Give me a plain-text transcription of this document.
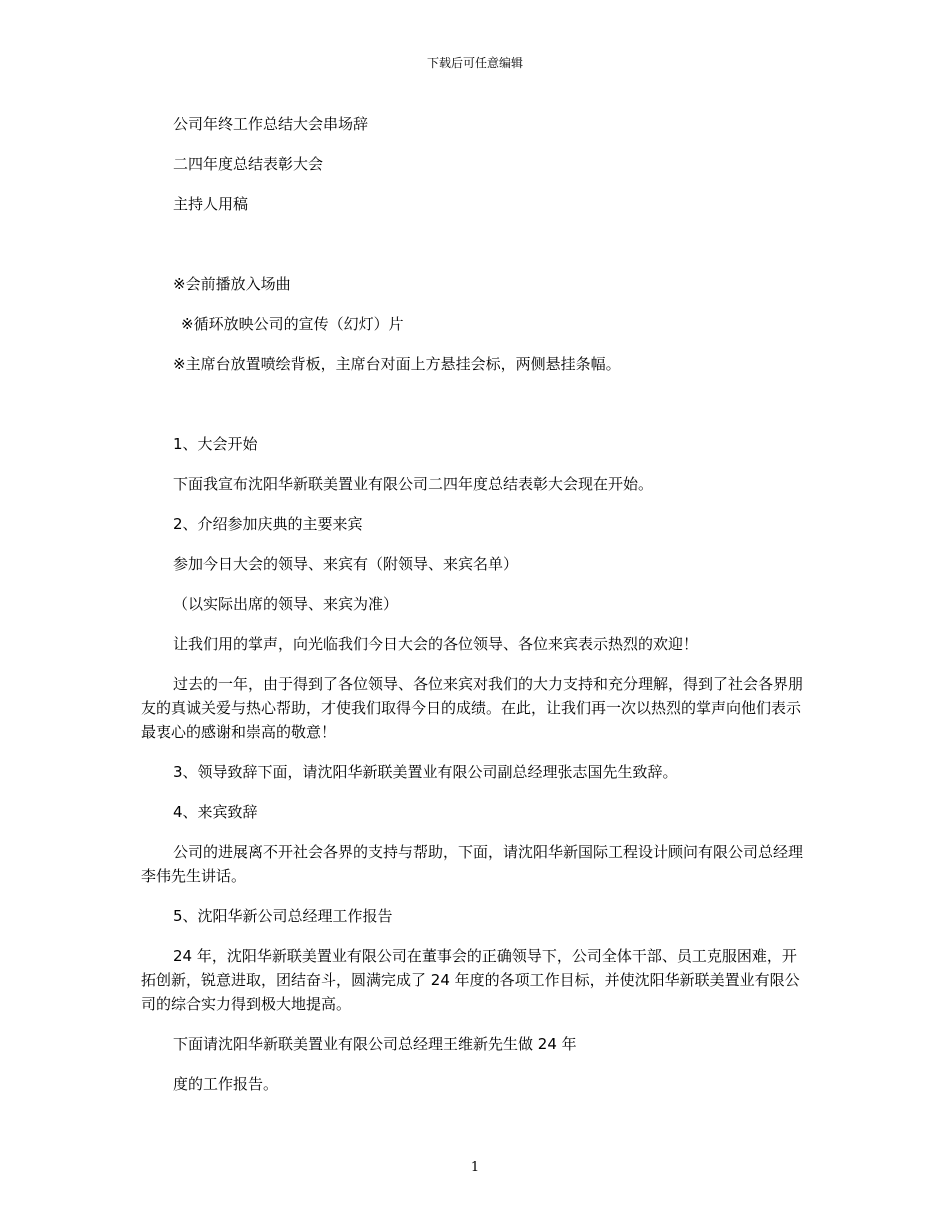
下载后可任意编辑

公司年终工作总结大会串场辞

二四年度总结表彰大会

主持人用稿

※会前播放入场曲

※循环放映公司的宣传（幻灯）片

※主席台放置喷绘背板，主席台对面上方悬挂会标，两侧悬挂条幅。

1、大会开始

下面我宣布沈阳华新联美置业有限公司二四年度总结表彰大会现在开始。

2、介绍参加庆典的主要来宾

参加今日大会的领导、来宾有（附领导、来宾名单）

（以实际出席的领导、来宾为准）

让我们用的掌声，向光临我们今日大会的各位领导、各位来宾表示热烈的欢迎！

过去的一年，由于得到了各位领导、各位来宾对我们的大力支持和充分理解，得到了社会各界朋友的真诚关爱与热心帮助，才使我们取得今日的成绩。在此，让我们再一次以热烈的掌声向他们表示最衷心的感谢和崇高的敬意！

3、领导致辞下面，请沈阳华新联美置业有限公司副总经理张志国先生致辞。

4、来宾致辞

公司的进展离不开社会各界的支持与帮助，下面，请沈阳华新国际工程设计顾问有限公司总经理李伟先生讲话。

5、沈阳华新公司总经理工作报告

24 年，沈阳华新联美置业有限公司在董事会的正确领导下，公司全体干部、员工克服困难，开拓创新，锐意进取，团结奋斗，圆满完成了 24 年度的各项工作目标，并使沈阳华新联美置业有限公司的综合实力得到极大地提高。

下面请沈阳华新联美置业有限公司总经理王维新先生做 24 年

度的工作报告。

1
